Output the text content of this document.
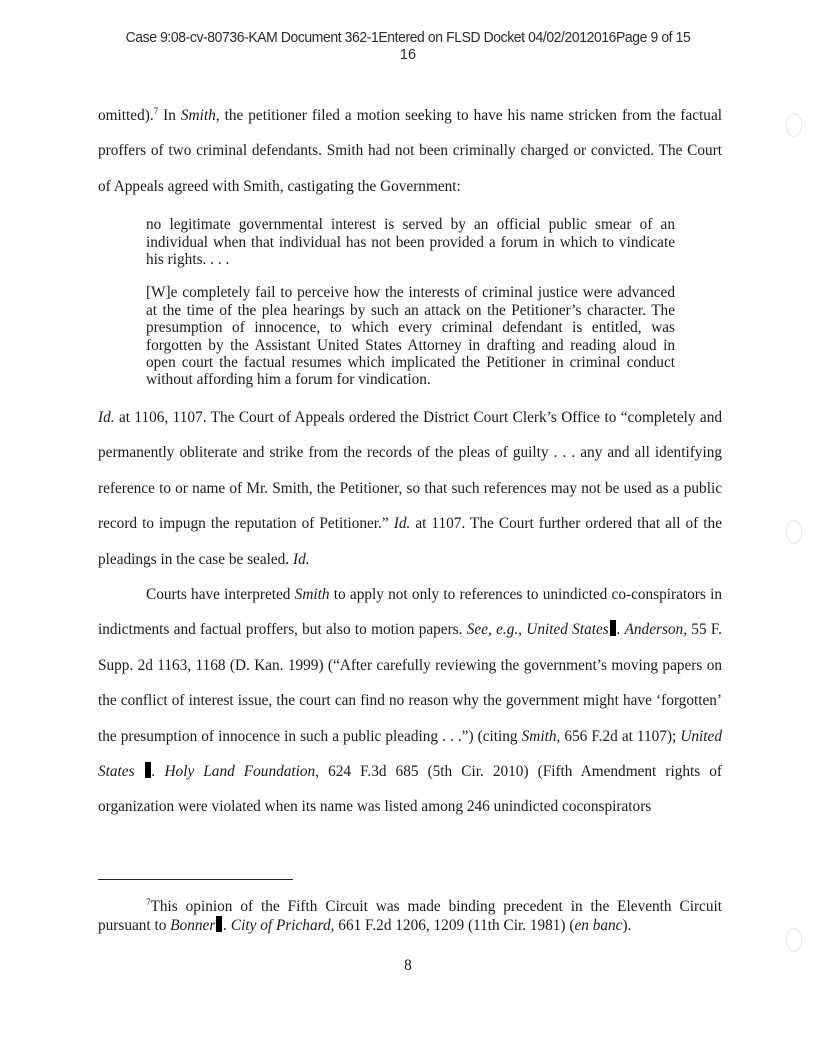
Case 9:08-cv-80736-KAM Document 362-1Entered on FLSD Docket 04/02/2012016Page 9 of 15
16

omitted).$^7$ In Smith, the petitioner filed a motion seeking to have his name stricken from the factual proffers of two criminal defendants. Smith had not been criminally charged or convicted. The Court of Appeals agreed with Smith, castigating the Government:

no legitimate governmental interest is served by an official public smear of an individual when that individual has not been provided a forum in which to vindicate his rights. . . .

[W]e completely fail to perceive how the interests of criminal justice were advanced at the time of the plea hearings by such an attack on the Petitioner’s character. The presumption of innocence, to which every criminal defendant is entitled, was forgotten by the Assistant United States Attorney in drafting and reading aloud in open court the factual resumes which implicated the Petitioner in criminal conduct without affording him a forum for vindication.

Id. at 1106, 1107. The Court of Appeals ordered the District Court Clerk’s Office to “completely and permanently obliterate and strike from the records of the pleas of guilty . . . any and all identifying reference to or name of Mr. Smith, the Petitioner, so that such references may not be used as a public record to impugn the reputation of Petitioner.” Id. at 1107. The Court further ordered that all of the pleadings in the case be sealed. Id.

Courts have interpreted Smith to apply not only to references to unindicted co-conspirators in indictments and factual proffers, but also to motion papers. See, e.g., United States . Anderson, 55 F. Supp. 2d 1163, 1168 (D. Kan. 1999) (“After carefully reviewing the government’s moving papers on the conflict of interest issue, the court can find no reason why the government might have ‘forgotten’ the presumption of innocence in such a public pleading . . .”) (citing Smith, 656 F.2d at 1107); United States . Holy Land Foundation, 624 F.3d 685 (5th Cir. 2010) (Fifth Amendment rights of organization were violated when its name was listed among 246 unindicted coconspirators

$^7$This opinion of the Fifth Circuit was made binding precedent in the Eleventh Circuit pursuant to Bonner . City of Prichard, 661 F.2d 1206, 1209 (11th Cir. 1981) (en banc).

8
